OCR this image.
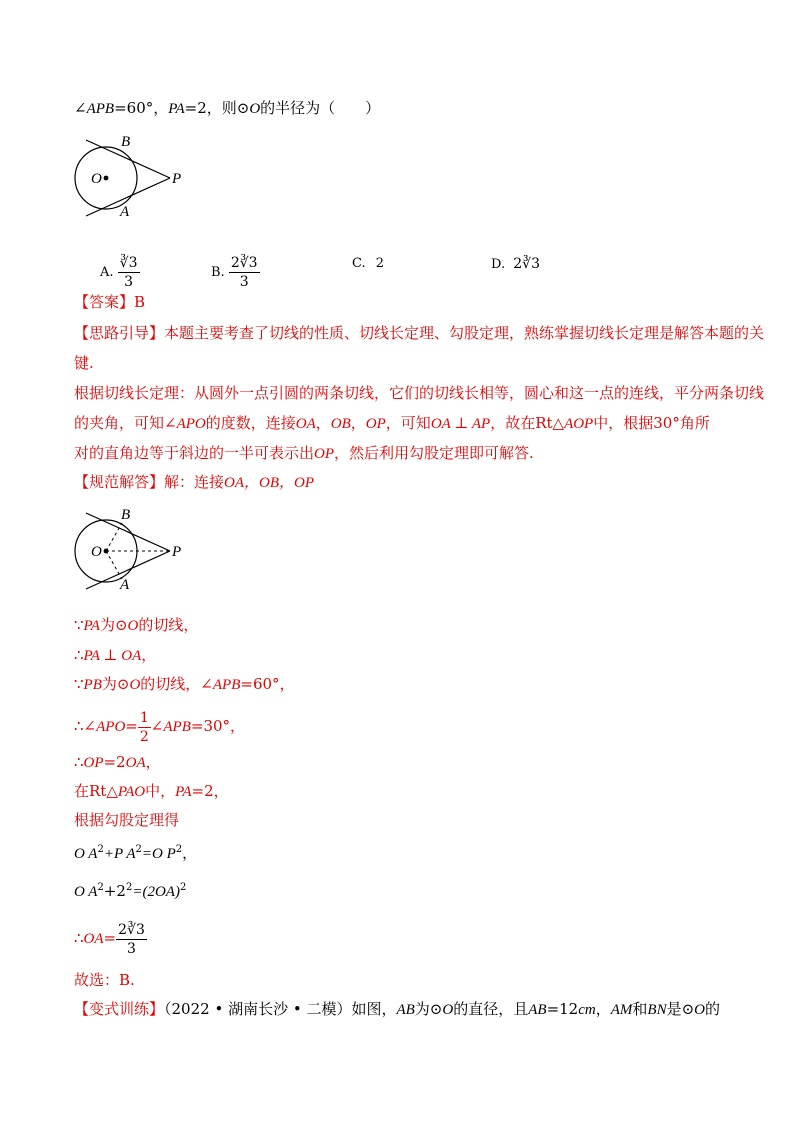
∠APB=60°，PA=2，则⊙O的半径为（　　）
B
O	P
A
A. $\frac{∛3}{3}$	B. $\frac{2∛3}{3}$	C. 2	D. 2∛3
【答案】B
【思路引导】本题主要考查了切线的性质、切线长定理、勾股定理，熟练掌握切线长定理是解答本题的关
键.
根据切线长定理：从圆外一点引圆的两条切线，它们的切线长相等，圆心和这一点的连线，平分两条切线
的夹角，可知∠APO的度数，连接OA，OB，OP，可知OA ⊥ AP，故在Rt△AOP中，根据30°角所
对的直角边等于斜边的一半可表示出OP，然后利用勾股定理即可解答.
【规范解答】解：连接OA，OB，OP
B
O	P
A
∵PA为⊙O的切线，
∴PA ⊥ OA，
∵PB为⊙O的切线，∠APB=60°，
∴∠APO= $\frac{1}{2}$ ∠APB=30°，
∴OP=2OA，
在Rt△PAO中，PA=2，
根据勾股定理得
O $A^2+P$ $A^2=O$ $P^2$，
O $A^2+2^2=(2OA)^2$
∴OA= $\frac{2∛3}{3}$
故选：B.
【变式训练】（2022 • 湖南长沙 • 二模）如图，AB为⊙O的直径，且AB=12cm，AM和BN是⊙O的
